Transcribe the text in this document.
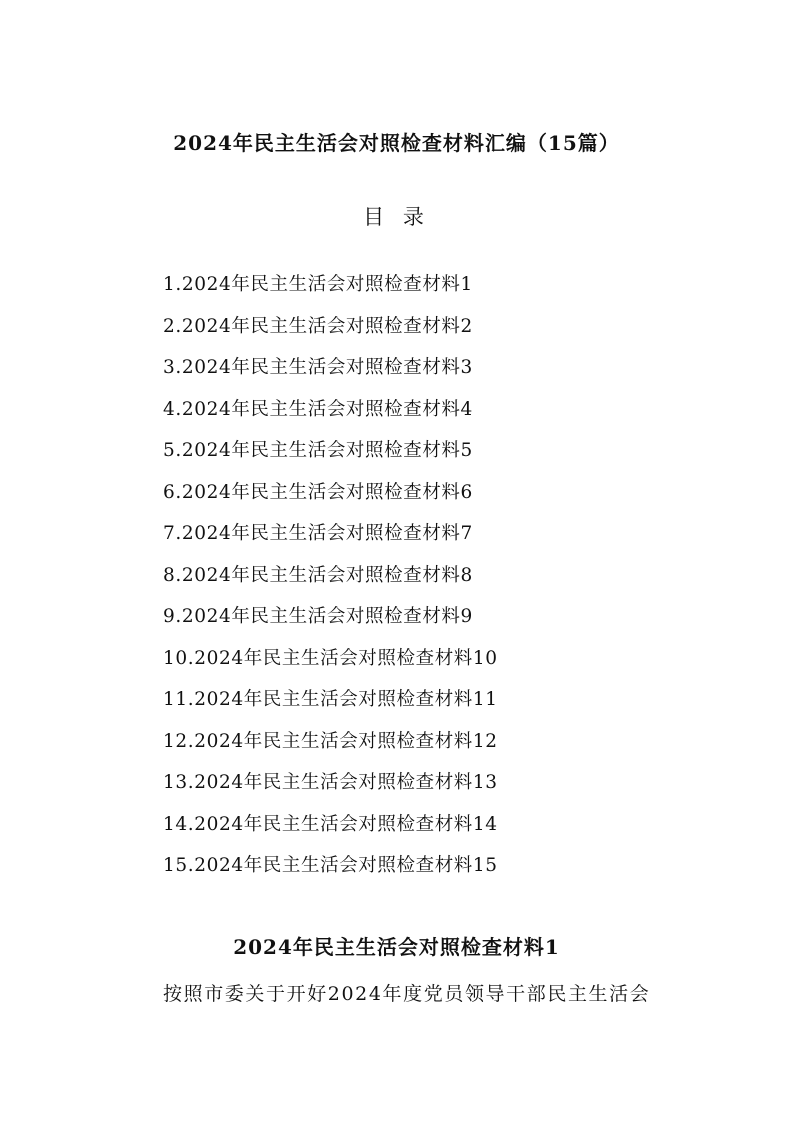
2024年民主生活会对照检查材料汇编（15篇）
目 录
1.2024年民主生活会对照检查材料1
2.2024年民主生活会对照检查材料2
3.2024年民主生活会对照检查材料3
4.2024年民主生活会对照检查材料4
5.2024年民主生活会对照检查材料5
6.2024年民主生活会对照检查材料6
7.2024年民主生活会对照检查材料7
8.2024年民主生活会对照检查材料8
9.2024年民主生活会对照检查材料9
10.2024年民主生活会对照检查材料10
11.2024年民主生活会对照检查材料11
12.2024年民主生活会对照检查材料12
13.2024年民主生活会对照检查材料13
14.2024年民主生活会对照检查材料14
15.2024年民主生活会对照检查材料15
2024年民主生活会对照检查材料1
按照市委关于开好2024年度党员领导干部民主生活会
